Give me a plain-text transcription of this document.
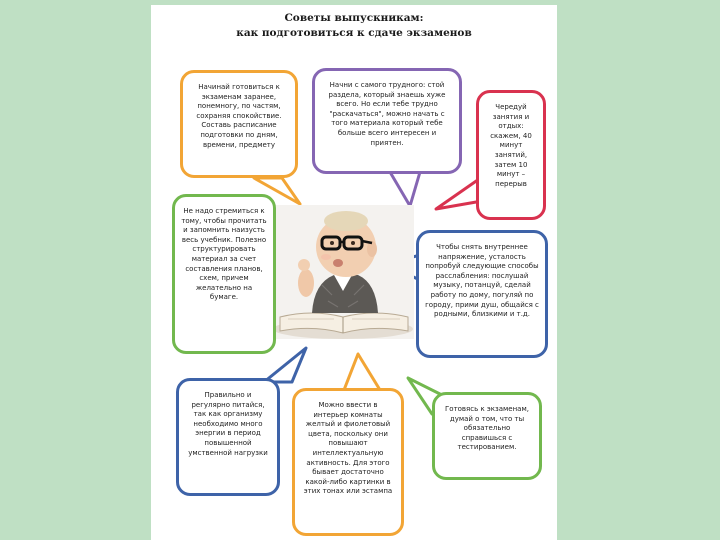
Советы выпускникам:
как подготовиться к сдаче экзаменов
Начинай готовиться к экзаменам заранее, понемногу, по частям, сохраняя спокойствие. Составь расписание подготовки по дням, времени, предмету
Начни с самого трудного: стой раздела, который знаешь хуже всего. Но если тебе трудно "раскачаться", можно начать с того материала который тебе больше всего интересен и приятен.
Чередуй занятия и отдых: скажем, 40 минут занятий, затем 10 минут – перерыв
Не надо стремиться к тому, чтобы прочитать и запомнить наизусть весь учебник. Полезно структурировать материал за счет составления планов, схем, причем желательно на бумаге.
Чтобы снять внутреннее напряжение, усталость попробуй следующие способы расслабления: послушай музыку, потанцуй, сделай работу по дому, погуляй по городу, прими душ, общайся с родными, близкими и т.д.
Правильно и регулярно питайся, так как организму необходимо много энергии в период повышенной умственной нагрузки
Можно ввести в интерьер комнаты желтый и фиолетовый цвета, поскольку они повышают интеллектуальную активность. Для этого бывает достаточно какой-либо картинки в этих тонах или эстампа
Готовясь к экзаменам, думай о том, что ты обязательно справишься с тестированием.
